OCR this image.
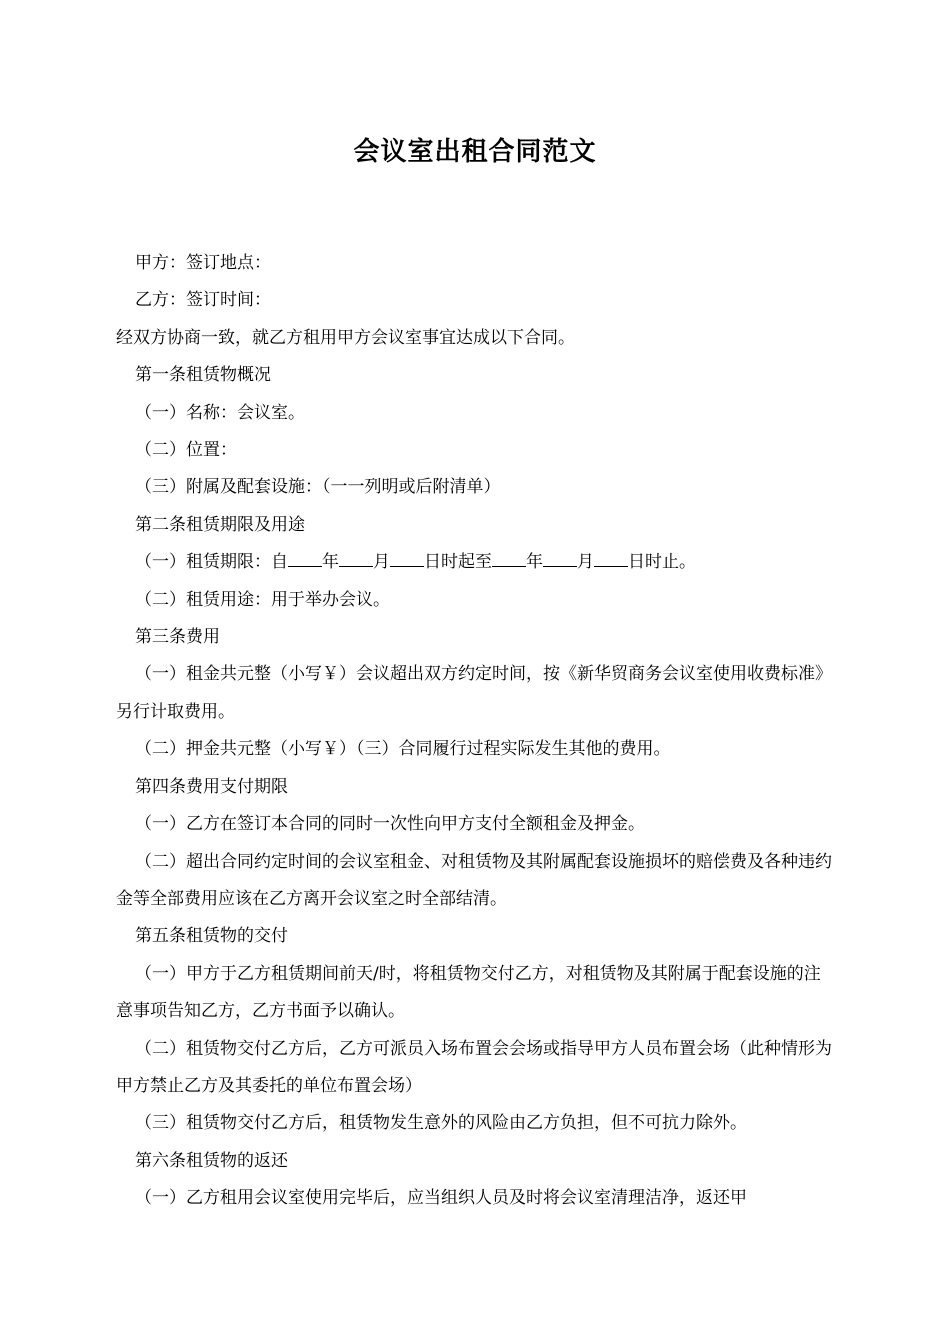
会议室出租合同范文

甲方：签订地点：

乙方：签订时间：

经双方协商一致，就乙方租用甲方会议室事宜达成以下合同。

第一条租赁物概况

（一）名称：会议室。

（二）位置：

（三）附属及配套设施：（一一列明或后附清单）

第二条租赁期限及用途

（一）租赁期限：自 年 月 日时起至 年 月 日时止。

（二）租赁用途：用于举办会议。

第三条费用

（一）租金共元整（小写￥）会议超出双方约定时间，按《新华贸商务会议室使用收费标准》另行计取费用。

（二）押金共元整（小写￥）（三）合同履行过程实际发生其他的费用。

第四条费用支付期限

（一）乙方在签订本合同的同时一次性向甲方支付全额租金及押金。

（二）超出合同约定时间的会议室租金、对租赁物及其附属配套设施损坏的赔偿费及各种违约金等全部费用应该在乙方离开会议室之时全部结清。

第五条租赁物的交付

（一）甲方于乙方租赁期间前天/时，将租赁物交付乙方，对租赁物及其附属于配套设施的注意事项告知乙方，乙方书面予以确认。

（二）租赁物交付乙方后，乙方可派员入场布置会会场或指导甲方人员布置会场（此种情形为甲方禁止乙方及其委托的单位布置会场）

（三）租赁物交付乙方后，租赁物发生意外的风险由乙方负担，但不可抗力除外。

第六条租赁物的返还

（一）乙方租用会议室使用完毕后，应当组织人员及时将会议室清理洁净，返还甲
